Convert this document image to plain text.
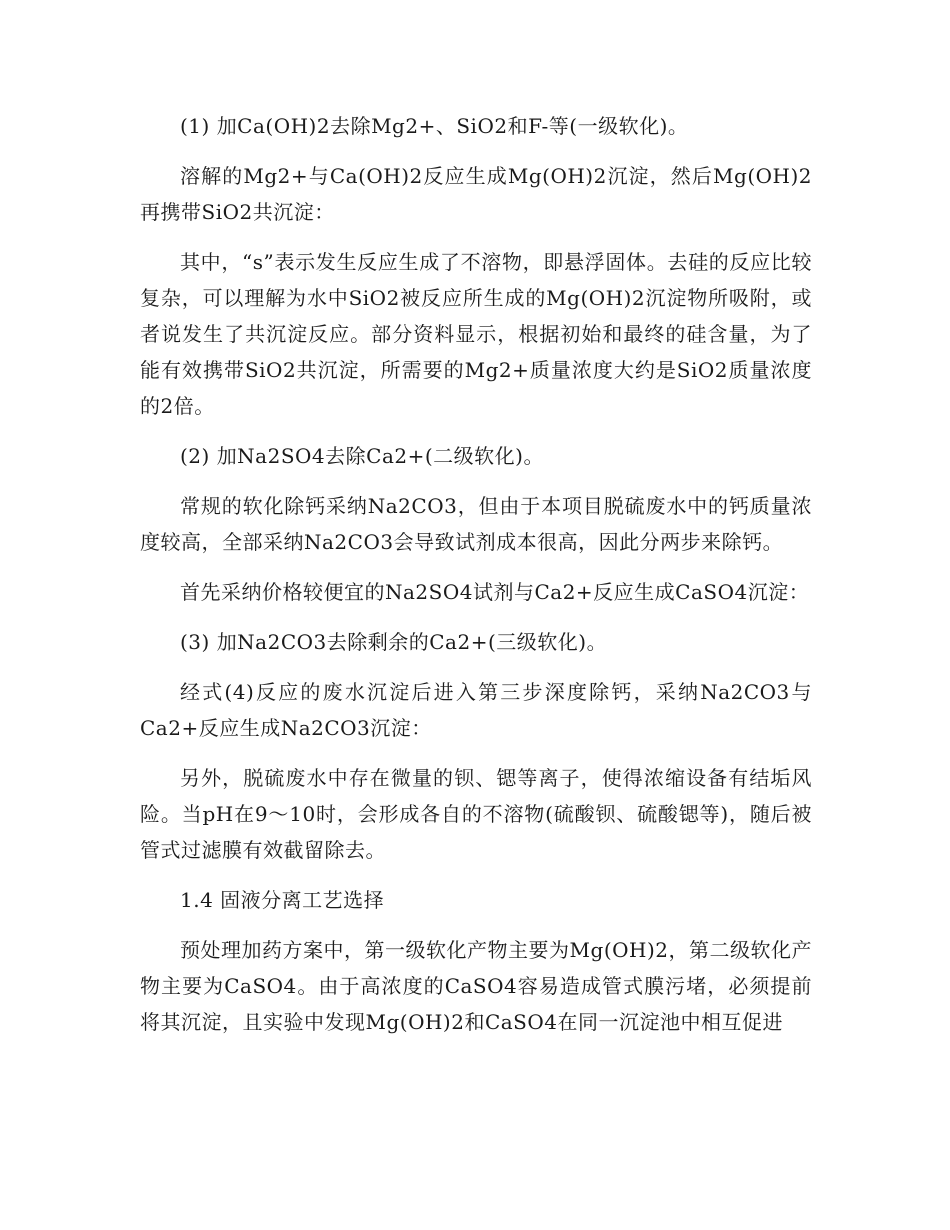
(1) 加Ca(OH)2去除Mg2+、SiO2和F-等(一级软化)。

溶解的Mg2+与Ca(OH)2反应生成Mg(OH)2沉淀，然后Mg(OH)2再携带SiO2共沉淀：

其中，“s”表示发生反应生成了不溶物，即悬浮固体。去硅的反应比较复杂，可以理解为水中SiO2被反应所生成的Mg(OH)2沉淀物所吸附，或者说发生了共沉淀反应。部分资料显示，根据初始和最终的硅含量，为了能有效携带SiO2共沉淀，所需要的Mg2+质量浓度大约是SiO2质量浓度的2倍。

(2) 加Na2SO4去除Ca2+(二级软化)。

常规的软化除钙采纳Na2CO3，但由于本项目脱硫废水中的钙质量浓度较高，全部采纳Na2CO3会导致试剂成本很高，因此分两步来除钙。

首先采纳价格较便宜的Na2SO4试剂与Ca2+反应生成CaSO4沉淀：

(3) 加Na2CO3去除剩余的Ca2+(三级软化)。

经式(4)反应的废水沉淀后进入第三步深度除钙，采纳Na2CO3与Ca2+反应生成Na2CO3沉淀：

另外，脱硫废水中存在微量的钡、锶等离子，使得浓缩设备有结垢风险。当pH在9～10时，会形成各自的不溶物(硫酸钡、硫酸锶等)，随后被管式过滤膜有效截留除去。

1.4 固液分离工艺选择

预处理加药方案中，第一级软化产物主要为Mg(OH)2，第二级软化产物主要为CaSO4。由于高浓度的CaSO4容易造成管式膜污堵，必须提前将其沉淀，且实验中发现Mg(OH)2和CaSO4在同一沉淀池中相互促进
